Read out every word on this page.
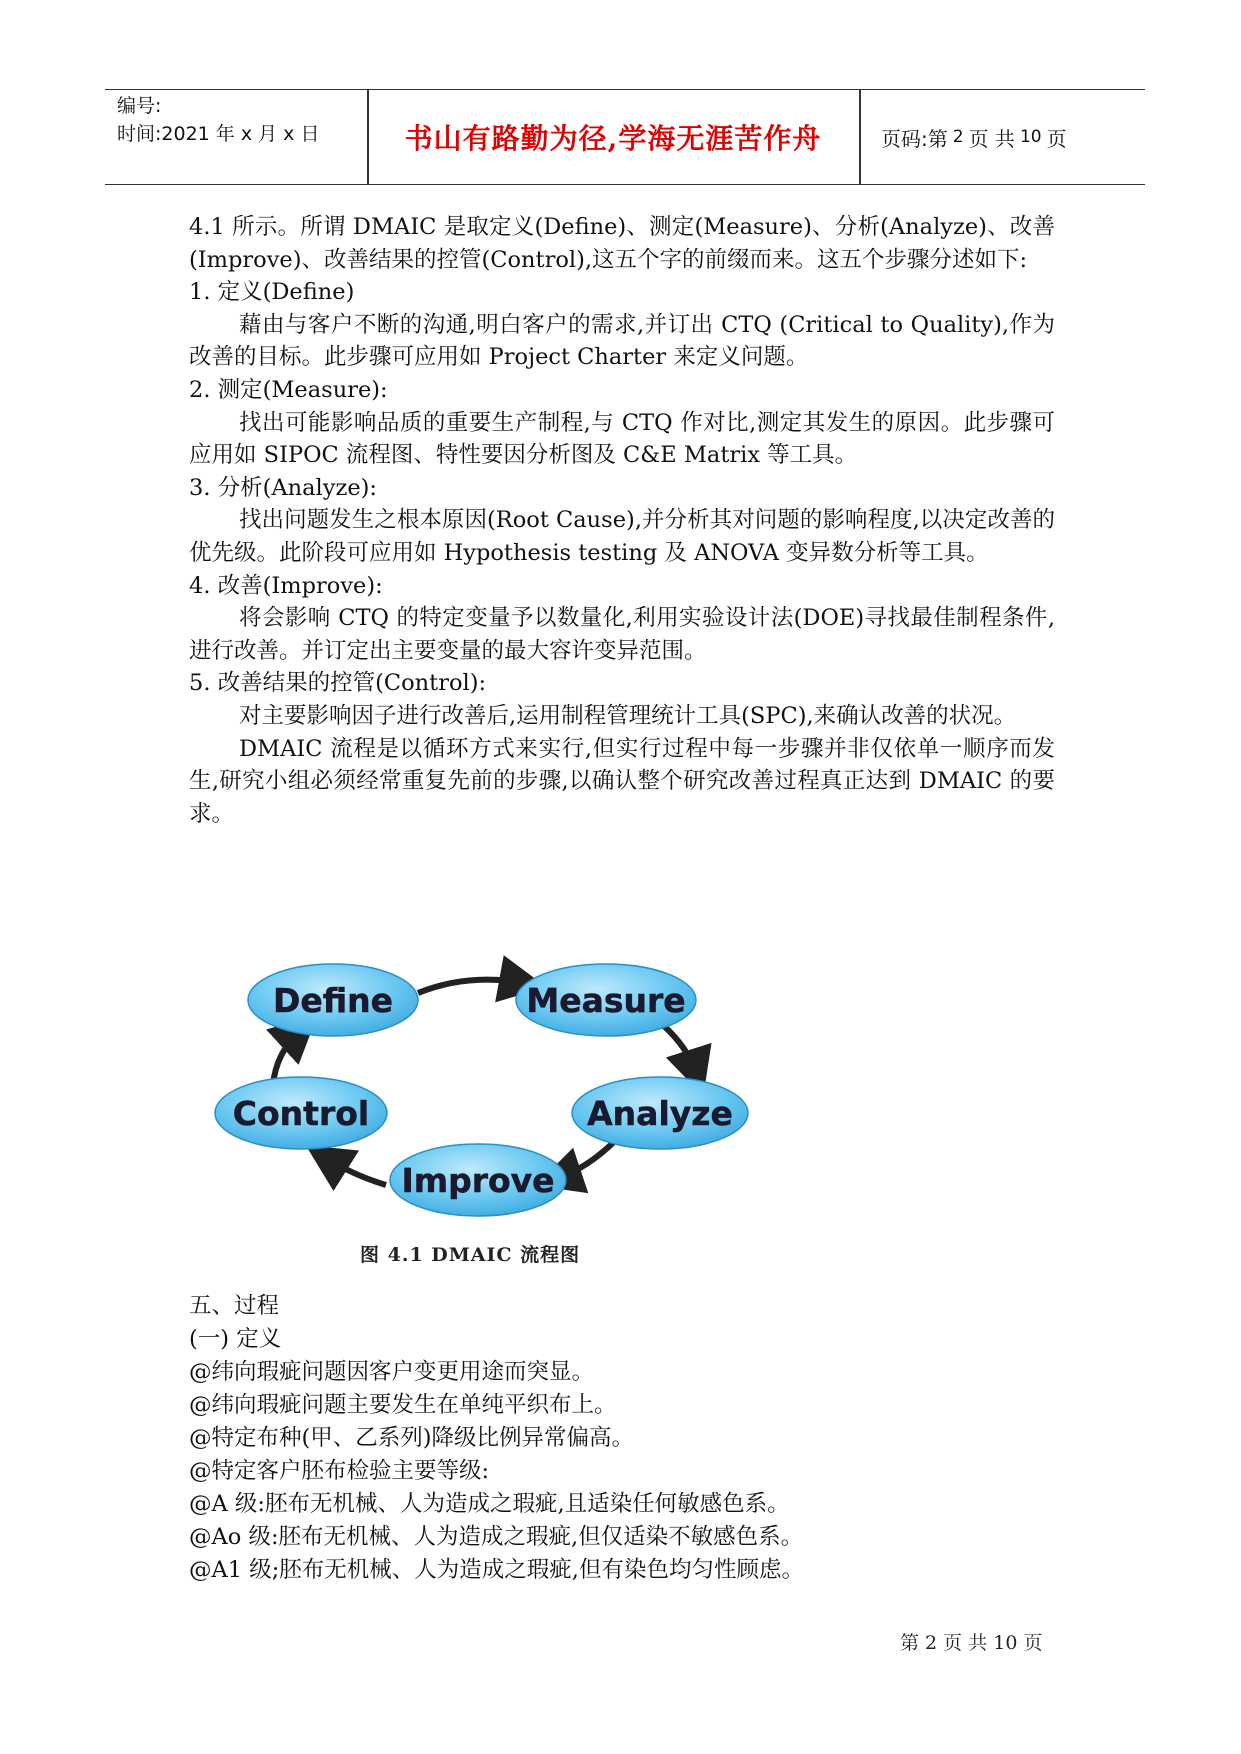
编号:
时间:2021 年 x 月 x 日	书山有路勤为径,学海无涯苦作舟	页码:第 2 页 共 10 页

4.1 所示。所谓 DMAIC 是取定义(Define)、测定(Measure)、分析(Analyze)、改善(Improve)、改善结果的控管(Control),这五个字的前缀而来。这五个步骤分述如下:

1. 定义(Define)

藉由与客户不断的沟通,明白客户的需求,并订出 CTQ (Critical to Quality),作为改善的目标。此步骤可应用如 Project Charter 来定义问题。

2. 测定(Measure):

找出可能影响品质的重要生产制程,与 CTQ 作对比,测定其发生的原因。此步骤可应用如 SIPOC 流程图、特性要因分析图及 C&E Matrix 等工具。

3. 分析(Analyze):

找出问题发生之根本原因(Root Cause),并分析其对问题的影响程度,以决定改善的优先级。此阶段可应用如 Hypothesis testing 及 ANOVA 变异数分析等工具。

4. 改善(Improve):

将会影响 CTQ 的特定变量予以数量化,利用实验设计法(DOE)寻找最佳制程条件,进行改善。并订定出主要变量的最大容许变异范围。

5. 改善结果的控管(Control):

对主要影响因子进行改善后,运用制程管理统计工具(SPC),来确认改善的状况。

DMAIC 流程是以循环方式来实行,但实行过程中每一步骤并非仅依单一顺序而发生,研究小组必须经常重复先前的步骤,以确认整个研究改善过程真正达到 DMAIC 的要求。

Define	Measure
Analyze
Improve
Control
图 4.1 DMAIC 流程图

五、过程

(一) 定义

@纬向瑕疵问题因客户变更用途而突显。

@纬向瑕疵问题主要发生在单纯平织布上。

@特定布种(甲、乙系列)降级比例异常偏高。

@特定客户胚布检验主要等级:

@A 级:胚布无机械、人为造成之瑕疵,且适染任何敏感色系。

@Ao 级:胚布无机械、人为造成之瑕疵,但仅适染不敏感色系。

@A1 级;胚布无机械、人为造成之瑕疵,但有染色均匀性顾虑。

第 2 页 共 10 页
